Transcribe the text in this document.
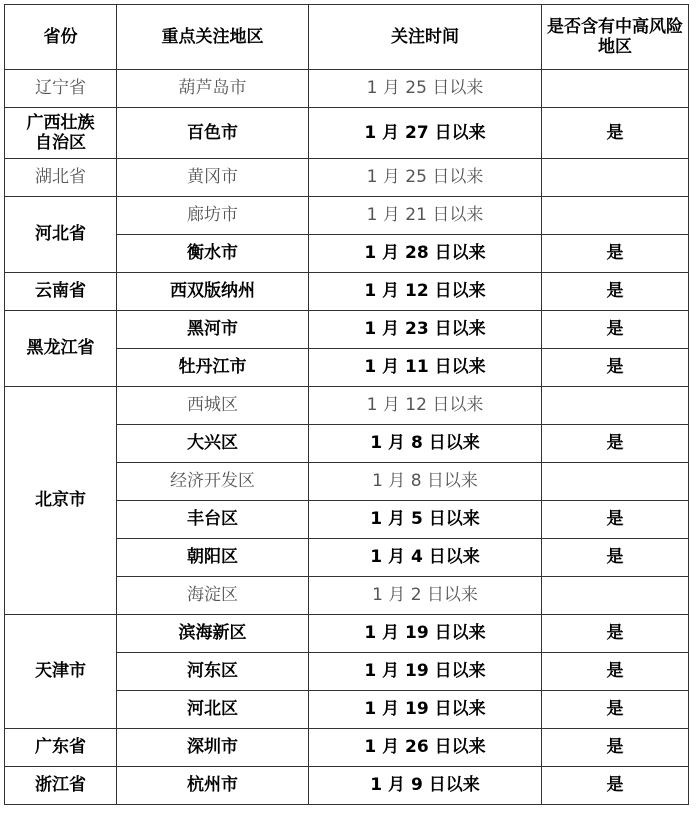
省份	重点关注地区	关注时间	是否含有中高风险地区
辽宁省	葫芦岛市	1 月 25 日以来	
广西壮族自治区	百色市	1 月 27 日以来	是
湖北省	黄冈市	1 月 25 日以来	
河北省	廊坊市	1 月 21 日以来	
	衡水市	1 月 28 日以来	是
云南省	西双版纳州	1 月 12 日以来	是
黑龙江省	黑河市	1 月 23 日以来	是
	牡丹江市	1 月 11 日以来	是
北京市	西城区	1 月 12 日以来	
	大兴区	1 月 8 日以来	是
	经济开发区	1 月 8 日以来	
	丰台区	1 月 5 日以来	是
	朝阳区	1 月 4 日以来	是
	海淀区	1 月 2 日以来	
天津市	滨海新区	1 月 19 日以来	是
	河东区	1 月 19 日以来	是
	河北区	1 月 19 日以来	是
广东省	深圳市	1 月 26 日以来	是
浙江省	杭州市	1 月 9 日以来	是
